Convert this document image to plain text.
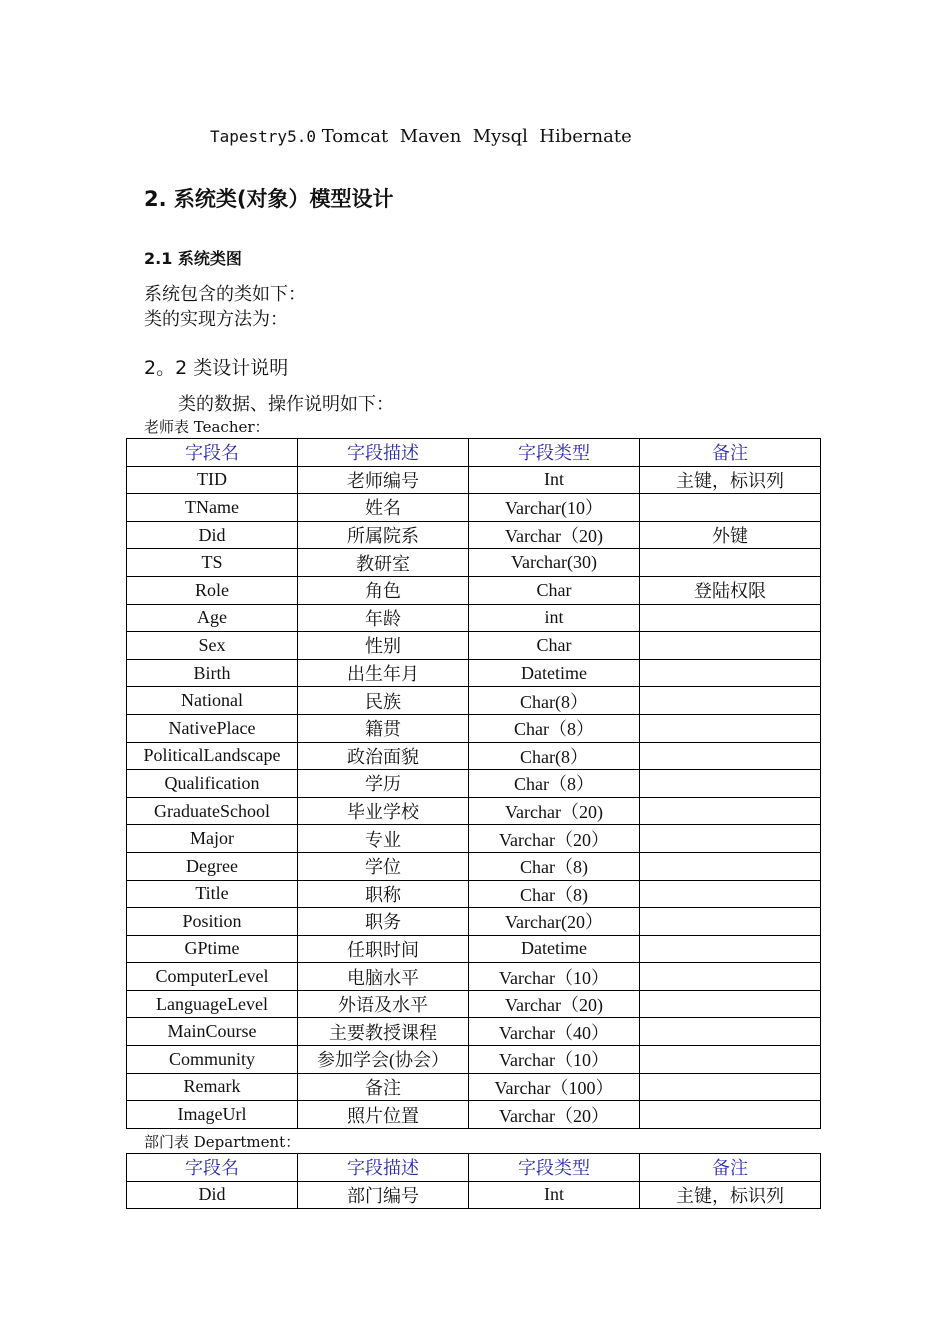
Tapestry5.0 Tomcat  Maven  Mysql  Hibernate
2. 系统类(对象）模型设计
2.1 系统类图
系统包含的类如下：
类的实现方法为：
2。2 类设计说明
类的数据、操作说明如下：
老师表 Teacher：
字段名	字段描述	字段类型	备注
TID	老师编号	Int	主键，标识列
TName	姓名	Varchar(10）	
Did	所属院系	Varchar（20)	外键
TS	教研室	Varchar(30)	
Role	角色	Char	登陆权限
Age	年龄	int	
Sex	性别	Char	
Birth	出生年月	Datetime	
National	民族	Char(8）	
NativePlace	籍贯	Char（8）	
PoliticalLandscape	政治面貌	Char(8）	
Qualification	学历	Char（8）	
GraduateSchool	毕业学校	Varchar（20)	
Major	专业	Varchar（20）	
Degree	学位	Char（8)	
Title	职称	Char（8)	
Position	职务	Varchar(20）	
GPtime	任职时间	Datetime	
ComputerLevel	电脑水平	Varchar（10）	
LanguageLevel	外语及水平	Varchar（20)	
MainCourse	主要教授课程	Varchar（40）	
Community	参加学会(协会）	Varchar（10）	
Remark	备注	Varchar（100）	
ImageUrl	照片位置	Varchar（20）	
部门表 Department：
字段名	字段描述	字段类型	备注
Did	部门编号	Int	主键，标识列
